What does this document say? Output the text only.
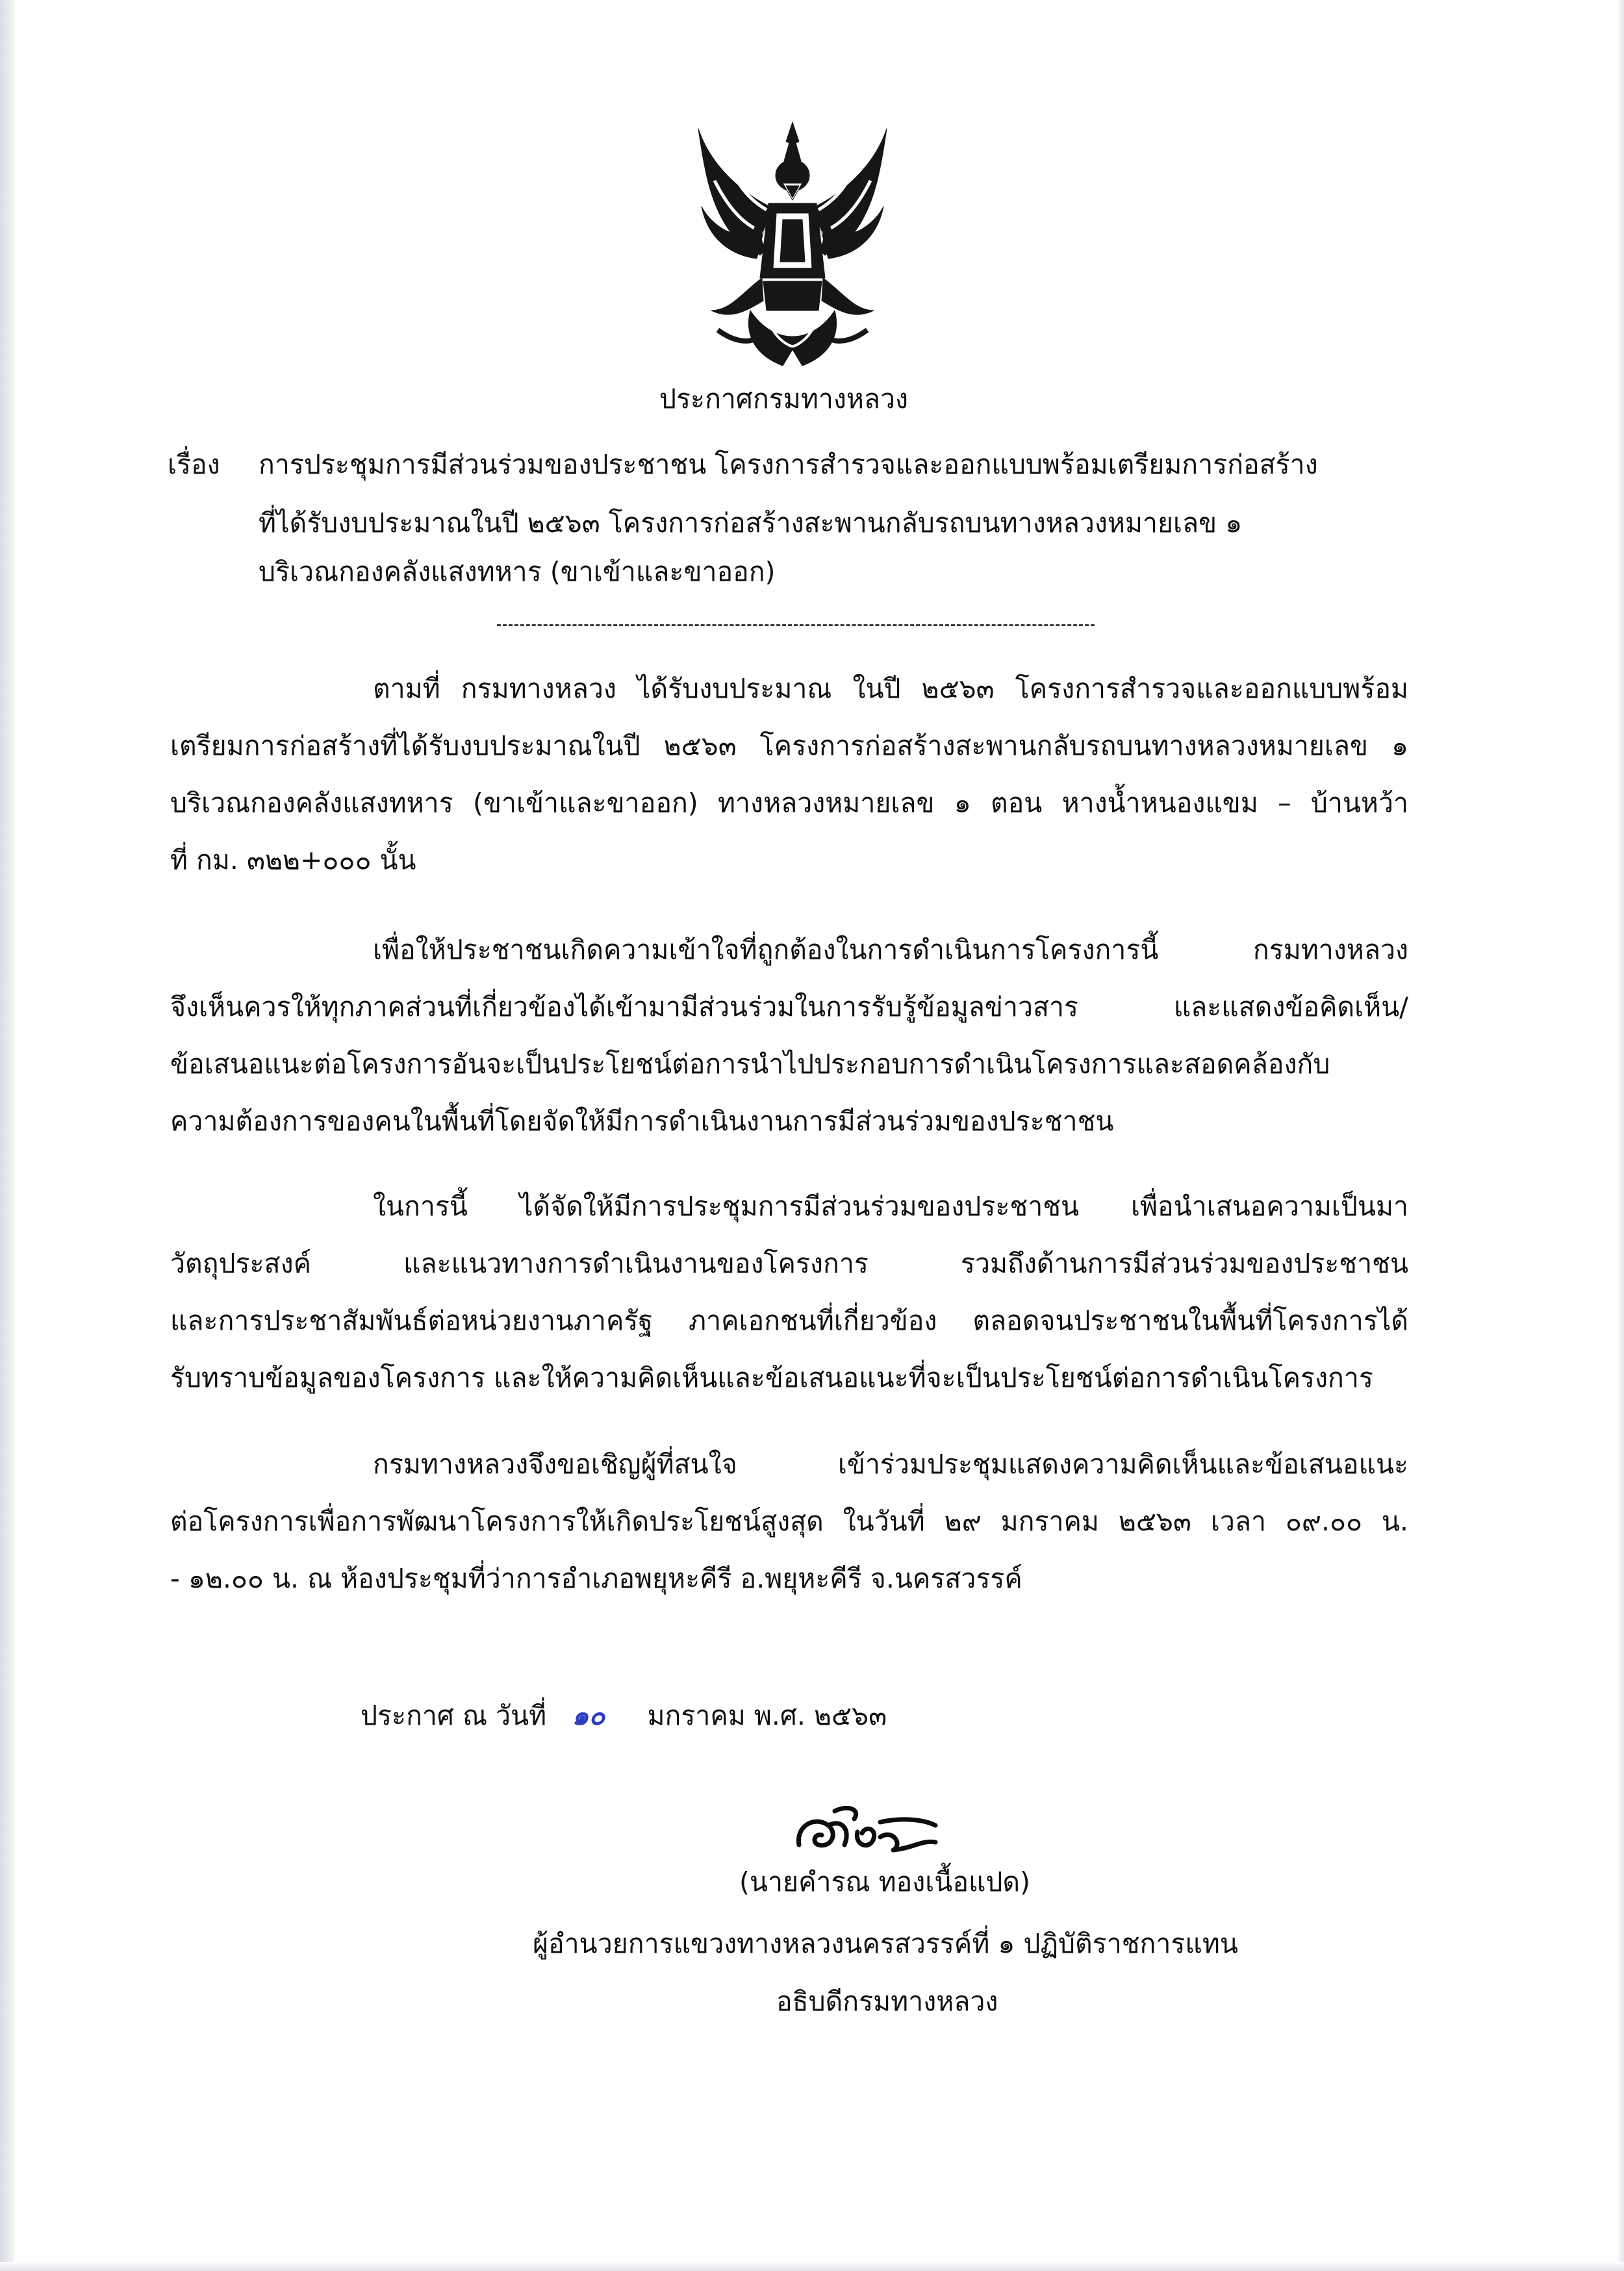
ประกาศกรมทางหลวง
เรื่อง การประชุมการมีส่วนร่วมของประชาชน โครงการสำรวจและออกแบบพร้อมเตรียมการก่อสร้าง
ที่ได้รับงบประมาณในปี ๒๕๖๓ โครงการก่อสร้างสะพานกลับรถบนทางหลวงหมายเลข ๑
บริเวณกองคลังแสงทหาร (ขาเข้าและขาออก)
ตามที่ กรมทางหลวง ได้รับงบประมาณ ในปี ๒๕๖๓ โครงการสำรวจและออกแบบพร้อม
เตรียมการก่อสร้างที่ได้รับงบประมาณในปี ๒๕๖๓ โครงการก่อสร้างสะพานกลับรถบนทางหลวงหมายเลข ๑
บริเวณกองคลังแสงทหาร (ขาเข้าและขาออก) ทางหลวงหมายเลข ๑ ตอน หางน้ำหนองแขม – บ้านหว้า
ที่ กม. ๓๒๒+๐๐๐ นั้น
เพื่อให้ประชาชนเกิดความเข้าใจที่ถูกต้องในการดำเนินการโครงการนี้ กรมทางหลวง
จึงเห็นควรให้ทุกภาคส่วนที่เกี่ยวข้องได้เข้ามามีส่วนร่วมในการรับรู้ข้อมูลข่าวสาร และแสดงข้อคิดเห็น/
ข้อเสนอแนะต่อโครงการอันจะเป็นประโยชน์ต่อการนำไปประกอบการดำเนินโครงการและสอดคล้องกับ
ความต้องการของคนในพื้นที่โดยจัดให้มีการดำเนินงานการมีส่วนร่วมของประชาชน
ในการนี้ ได้จัดให้มีการประชุมการมีส่วนร่วมของประชาชน เพื่อนำเสนอความเป็นมา
วัตถุประสงค์ และแนวทางการดำเนินงานของโครงการ รวมถึงด้านการมีส่วนร่วมของประชาชน
และการประชาสัมพันธ์ต่อหน่วยงานภาครัฐ ภาคเอกชนที่เกี่ยวข้อง ตลอดจนประชาชนในพื้นที่โครงการได้
รับทราบข้อมูลของโครงการ และให้ความคิดเห็นและข้อเสนอแนะที่จะเป็นประโยชน์ต่อการดำเนินโครงการ
กรมทางหลวงจึงขอเชิญผู้ที่สนใจ เข้าร่วมประชุมแสดงความคิดเห็นและข้อเสนอแนะ
ต่อโครงการเพื่อการพัฒนาโครงการให้เกิดประโยชน์สูงสุด ในวันที่ ๒๙ มกราคม ๒๕๖๓ เวลา ๐๙.๐๐ น.
- ๑๒.๐๐ น. ณ ห้องประชุมที่ว่าการอำเภอพยุหะคีรี อ.พยุหะคีรี จ.นครสวรรค์
ประกาศ ณ วันที่ ๑๐ มกราคม พ.ศ. ๒๕๖๓
(นายคำรณ ทองเนื้อแปด)
ผู้อำนวยการแขวงทางหลวงนครสวรรค์ที่ ๑ ปฏิบัติราชการแทน
อธิบดีกรมทางหลวง
